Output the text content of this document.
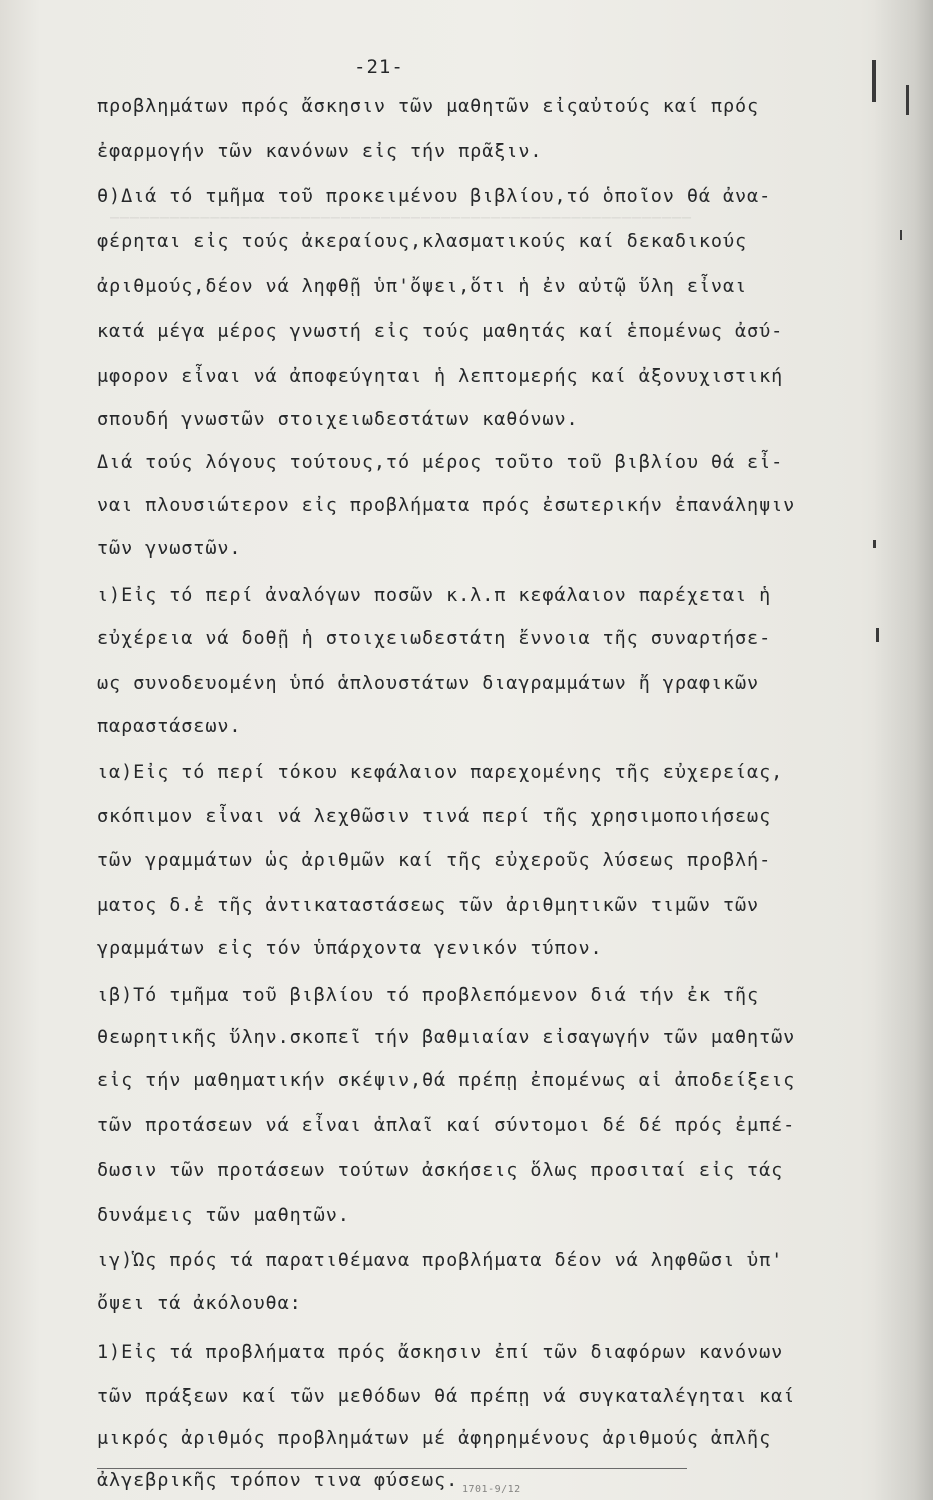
──────────────────────────────────────────────────────────

-21-
προβλημάτων πρός ἄσκησιν τῶν μαθητῶν εἰςαὐτούς καί πρός
ἐφαρμογήν τῶν κανόνων εἰς τήν πρᾶξιν.
θ)Διά τό τμῆμα τοῦ προκειμένου βιβλίου,τό ὁποῖον θά ἀνα-
φέρηται εἰς τούς ἀκεραίους,κλασματικούς καί δεκαδικούς
ἀριθμούς,δέον νά ληφθῇ ὑπ'ὄψει,ὅτι ἡ ἐν αὐτῷ ὕλη εἶναι
κατά μέγα μέρος γνωστή εἰς τούς μαθητάς καί ἑπομένως ἀσύ-
μφορον εἶναι νά ἀποφεύγηται ἡ λεπτομερής καί ἀξονυχιστική
σπουδή γνωστῶν στοιχειωδεστάτων καθόνων.
Διά τούς λόγους τούτους,τό μέρος τοῦτο τοῦ βιβλίου θά εἶ-
ναι πλουσιώτερον εἰς προβλήματα πρός ἐσωτερικήν ἐπανάληψιν
τῶν γνωστῶν.
ι)Εἰς τό περί ἀναλόγων ποσῶν κ.λ.π κεφάλαιον παρέχεται ἡ
εὐχέρεια νά δοθῇ ἡ στοιχειωδεστάτη ἔννοια τῆς συναρτήσε-
ως συνοδευομένη ὑπό ἁπλουστάτων διαγραμμάτων ἤ γραφικῶν
παραστάσεων.
ια)Εἰς τό περί τόκου κεφάλαιον παρεχομένης τῆς εὐχερείας,
σκόπιμον εἶναι νά λεχθῶσιν τινά περί τῆς χρησιμοποιήσεως
τῶν γραμμάτων ὡς ἀριθμῶν καί τῆς εὐχεροῦς λύσεως προβλή-
ματος δ.ἐ τῆς ἀντικαταστάσεως τῶν ἀριθμητικῶν τιμῶν τῶν
γραμμάτων εἰς τόν ὑπάρχοντα γενικόν τύπον.
ιβ)Τό τμῆμα τοῦ βιβλίου τό προβλεπόμενον διά τήν ἐκ τῆς
θεωρητικῆς ὕλην.σκοπεῖ τήν βαθμιαίαν εἰσαγωγήν τῶν μαθητῶν
εἰς τήν μαθηματικήν σκέψιν,θά πρέπῃ ἐπομένως αἱ ἀποδείξεις
τῶν προτάσεων νά εἶναι ἁπλαῖ καί σύντομοι δέ δέ πρός ἐμπέ-
δωσιν τῶν προτάσεων τούτων ἀσκήσεις ὅλως προσιταί εἰς τάς
δυνάμεις τῶν μαθητῶν.
ιγ)Ὡς πρός τά παρατιθέμανα προβλήματα δέον νά ληφθῶσι ὑπ'
ὄψει τά ἀκόλουθα:
1)Εἰς τά προβλήματα πρός ἄσκησιν ἐπί τῶν διαφόρων κανόνων
τῶν πράξεων καί τῶν μεθόδων θά πρέπῃ νά συγκαταλέγηται καί
μικρός ἀριθμός προβλημάτων μέ ἀφηρημένους ἀριθμούς ἁπλῆς
ἀλγεβρικῆς τρόπον τινα φύσεως. 1701-9/12
